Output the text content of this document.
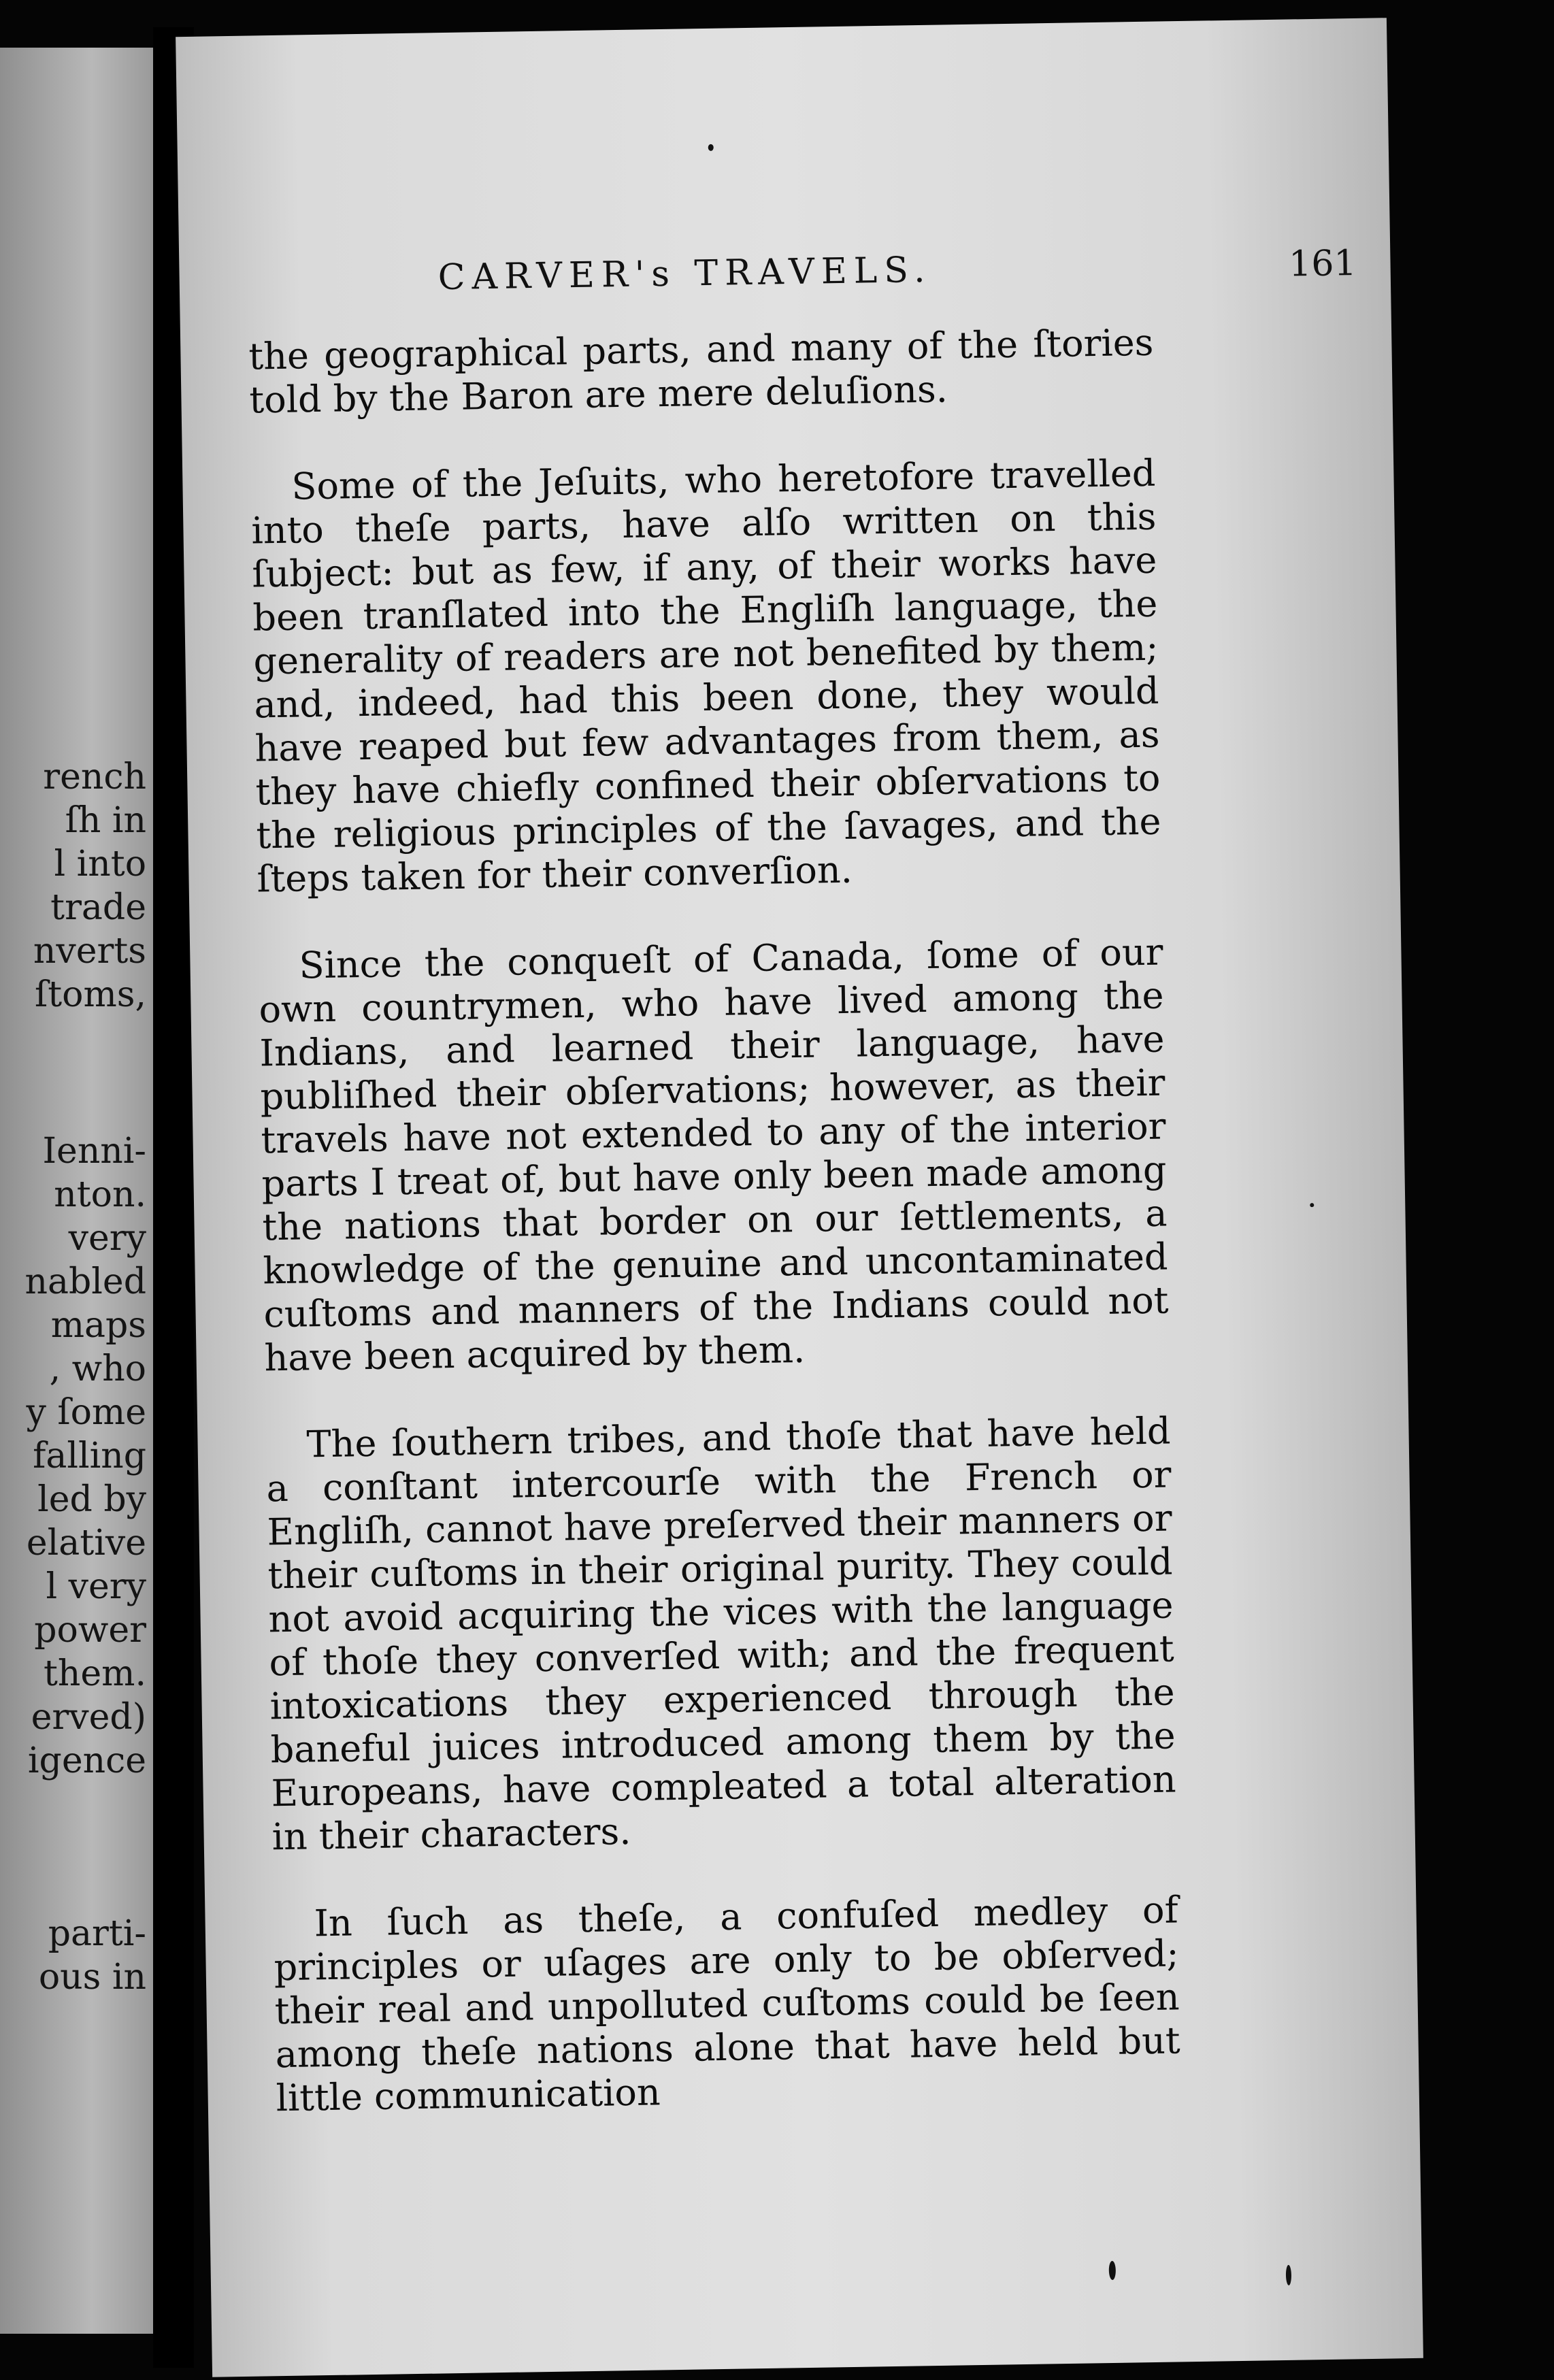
rench
ſh in
l into
trade
nverts
ſtoms,
Ienni-
nton.
very
nabled
maps
, who
y ſome
falling
led by
elative
l very
power
them.
erved)
igence
parti-
ous in
CARVER's TRAVELS.	161

the geographical parts, and many of the ſtories told by the Baron are mere deluſions.

Some of the Jeſuits, who heretofore travelled into theſe parts, have alſo written on this ſubject: but as few, if any, of their works have been tranſlated into the Engliſh language, the generality of readers are not benefited by them; and, indeed, had this been done, they would have reaped but few advantages from them, as they have chiefly confined their obſervations to the religious principles of the ſavages, and the ſteps taken for their converſion.

Since the conqueſt of Canada, ſome of our own countrymen, who have lived among the Indians, and learned their language, have publiſhed their obſervations; however, as their travels have not extended to any of the interior parts I treat of, but have only been made among the nations that border on our ſettlements, a knowledge of the genuine and uncontaminated cuſtoms and manners of the Indians could not have been acquired by them.

The ſouthern tribes, and thoſe that have held a conſtant intercourſe with the French or Engliſh, cannot have preſerved their manners or their cuſtoms in their original purity. They could not avoid acquiring the vices with the language of thoſe they converſed with; and the frequent intoxications they experienced through the baneful juices introduced among them by the Europeans, have compleated a total alteration in their characters.

In ſuch as theſe, a confuſed medley of principles or uſages are only to be obſerved; their real and unpolluted cuſtoms could be ſeen among theſe nations alone that have held but little communication
